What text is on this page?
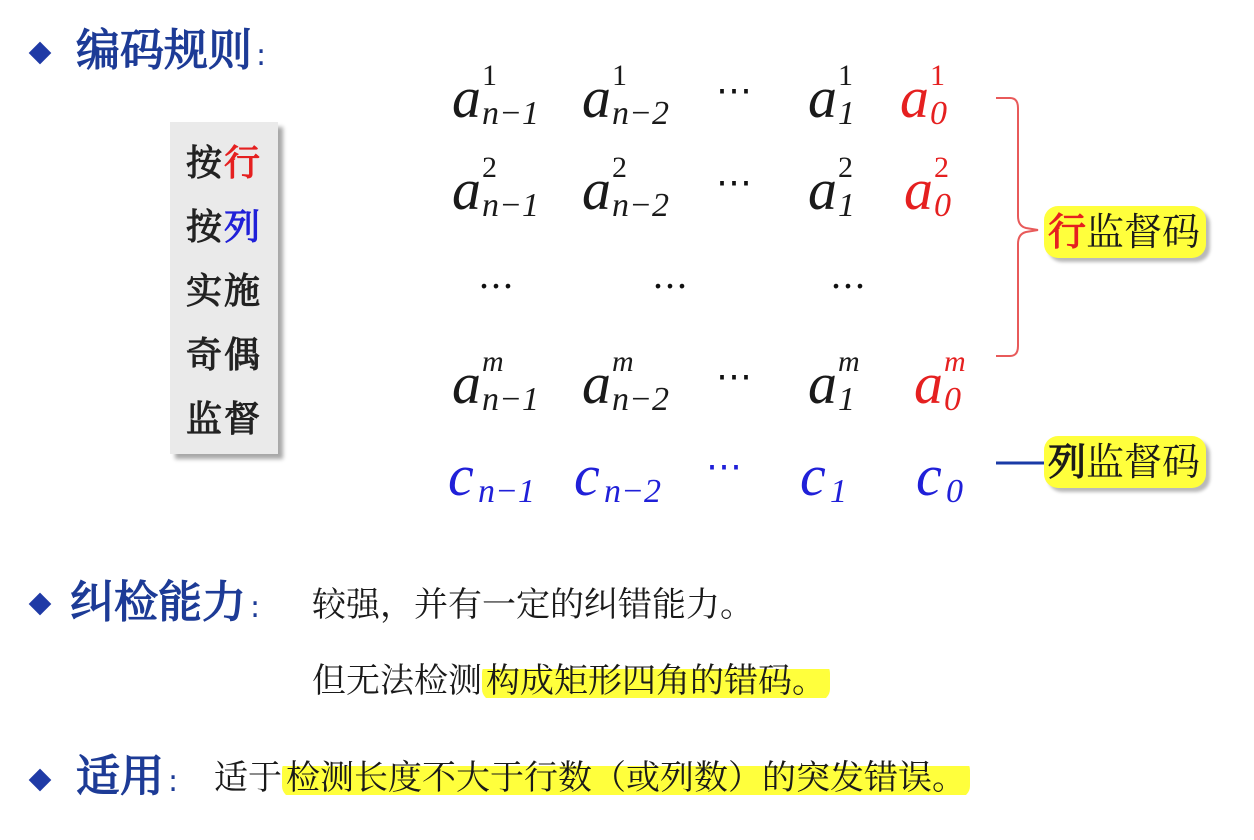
编码规则 :
按行
按列
实施
奇偶
监督
a 1
n−1 a 1
n−2
⋯ a 1
1 a 1
0
a 2
n−1 a 2
n−2
⋯ a 2
1 a 2
0
…	…	…
a m
n−1 a m
n−2
⋯ a m
1 a m
0
c n−1 c n−2
⋯ c 1 c 0
行监督码
列监督码
纠检能力 : 较强，并有一定的纠错能力。
但无法检测 构成矩形四角的错码。
适用 : 适于 检测长度不大于行数（或列数）的突发错误。
